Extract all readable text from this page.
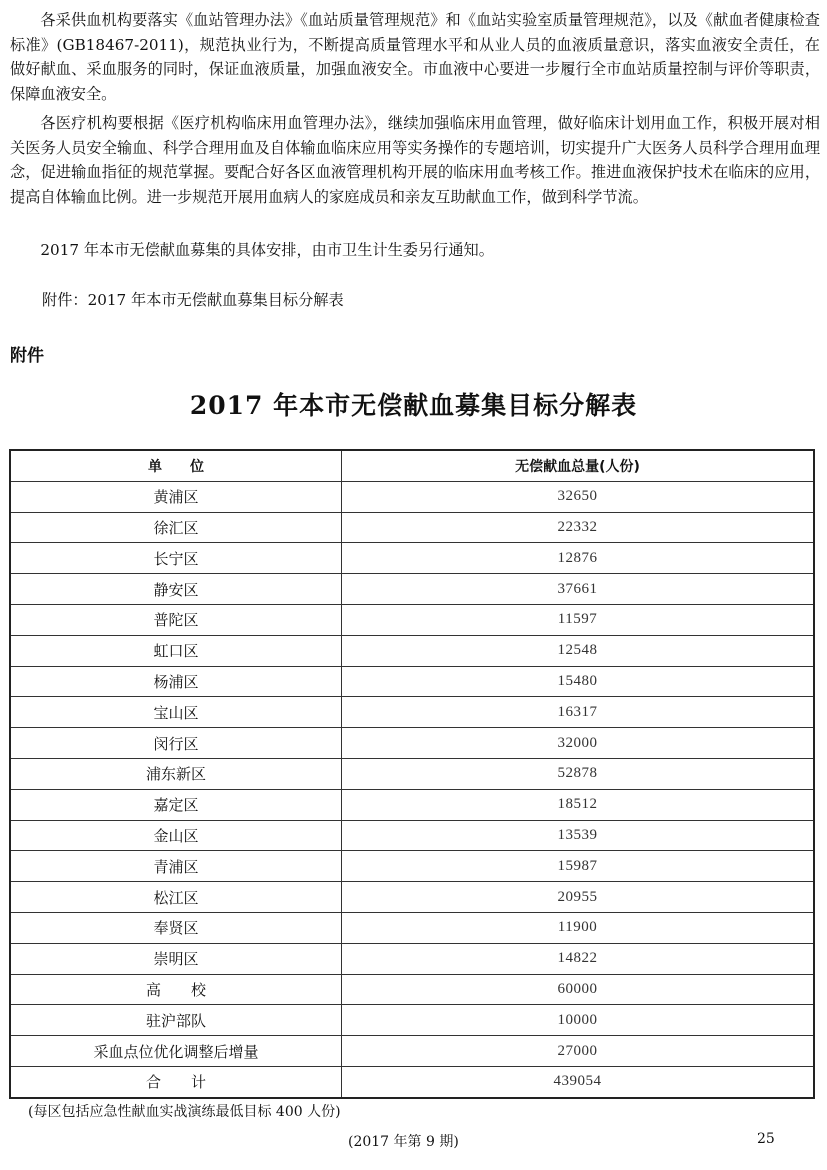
各采供血机构要落实《血站管理办法》《血站质量管理规范》和《血站实验室质量管理规范》，以及《献血者健康检查标准》(GB18467-2011)，规范执业行为，不断提高质量管理水平和从业人员的血液质量意识，落实血液安全责任，在做好献血、采血服务的同时，保证血液质量，加强血液安全。市血液中心要进一步履行全市血站质量控制与评价等职责，保障血液安全。

各医疗机构要根据《医疗机构临床用血管理办法》，继续加强临床用血管理，做好临床计划用血工作，积极开展对相关医务人员安全输血、科学合理用血及自体输血临床应用等实务操作的专题培训，切实提升广大医务人员科学合理用血理念，促进输血指征的规范掌握。要配合好各区血液管理机构开展的临床用血考核工作。推进血液保护技术在临床的应用，提高自体输血比例。进一步规范开展用血病人的家庭成员和亲友互助献血工作，做到科学节流。

2017 年本市无偿献血募集的具体安排，由市卫生计生委另行通知。

附件：2017 年本市无偿献血募集目标分解表
附件
2017 年本市无偿献血募集目标分解表
单　　位	无偿献血总量(人份)
黄浦区	32650
徐汇区	22332
长宁区	12876
静安区	37661
普陀区	11597
虹口区	12548
杨浦区	15480
宝山区	16317
闵行区	32000
浦东新区	52878
嘉定区	18512
金山区	13539
青浦区	15987
松江区	20955
奉贤区	11900
崇明区	14822
高　　校	60000
驻沪部队	10000
采血点位优化调整后增量	27000
合　　计	439054
(每区包括应急性献血实战演练最低目标 400 人份)
(2017 年第 9 期)	25
